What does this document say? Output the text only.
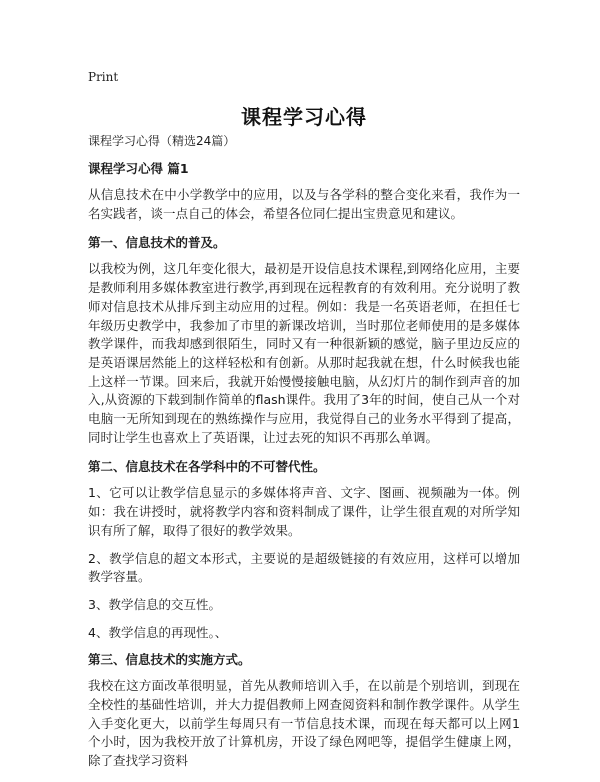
Print
课程学习心得
课程学习心得（精选24篇）
课程学习心得 篇1
从信息技术在中小学教学中的应用，以及与各学科的整合变化来看，我作为一名实践者，谈一点自己的体会，希望各位同仁提出宝贵意见和建议。
第一、信息技术的普及。
以我校为例，这几年变化很大，最初是开设信息技术课程,到网络化应用，主要是教师利用多媒体教室进行教学,再到现在远程教育的有效利用。充分说明了教师对信息技术从排斥到主动应用的过程。例如：我是一名英语老师，在担任七年级历史教学中，我参加了市里的新课改培训，当时那位老师使用的是多媒体教学课件，而我却感到很陌生，同时又有一种很新颖的感觉，脑子里边反应的是英语课居然能上的这样轻松和有创新。从那时起我就在想，什么时候我也能上这样一节课。回来后，我就开始慢慢接触电脑，从幻灯片的制作到声音的加入,从资源的下载到制作简单的flash课件。我用了3年的时间，使自己从一个对电脑一无所知到现在的熟练操作与应用，我觉得自己的业务水平得到了提高，同时让学生也喜欢上了英语课，让过去死的知识不再那么单调。
第二、信息技术在各学科中的不可替代性。
1、它可以让教学信息显示的多媒体将声音、文字、图画、视频融为一体。例如：我在讲授时，就将教学内容和资料制成了课件，让学生很直观的对所学知识有所了解，取得了很好的教学效果。
2、教学信息的超文本形式，主要说的是超级链接的有效应用，这样可以增加教学容量。
3、教学信息的交互性。
4、教学信息的再现性。、
第三、信息技术的实施方式。
我校在这方面改革很明显，首先从教师培训入手，在以前是个别培训，到现在全校性的基础性培训，并大力提倡教师上网查阅资料和制作教学课件。从学生入手变化更大，以前学生每周只有一节信息技术课，而现在每天都可以上网1个小时，因为我校开放了计算机房，开设了绿色网吧等，提倡学生健康上网，除了查找学习资料
